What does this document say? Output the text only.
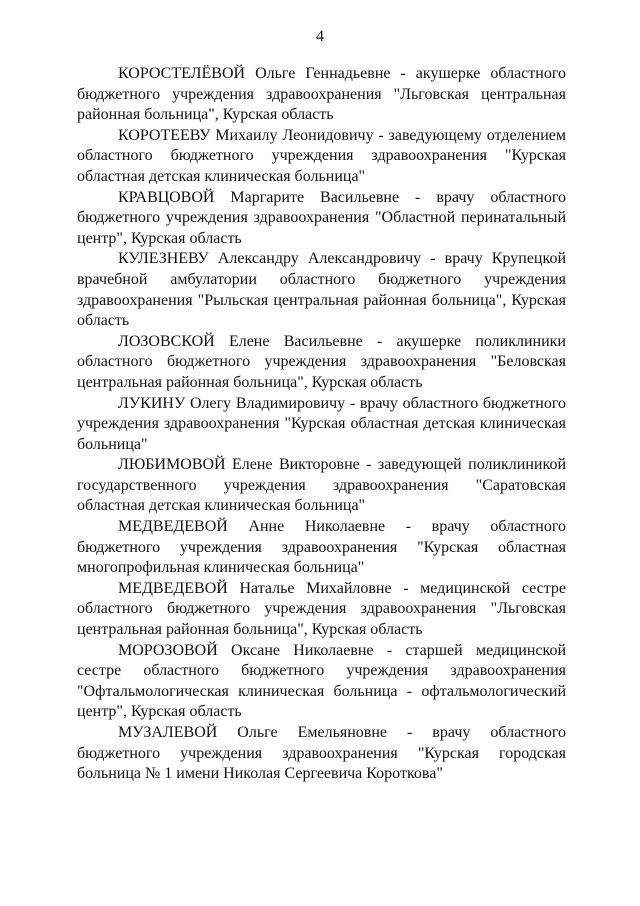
4

КОРОСТЕЛЁВОЙ Ольге Геннадьевне - акушерке областного бюджетного учреждения здравоохранения "Льговская центральная районная больница", Курская область

КОРОТЕЕВУ Михаилу Леонидовичу - заведующему отделением областного бюджетного учреждения здравоохранения "Курская областная детская клиническая больница"

КРАВЦОВОЙ Маргарите Васильевне - врачу областного бюджетного учреждения здравоохранения "Областной перинатальный центр", Курская область

КУЛЕЗНЕВУ Александру Александровичу - врачу Крупецкой врачебной амбулатории областного бюджетного учреждения здравоохранения "Рыльская центральная районная больница", Курская область

ЛОЗОВСКОЙ Елене Васильевне - акушерке поликлиники областного бюджетного учреждения здравоохранения "Беловская центральная районная больница", Курская область

ЛУКИНУ Олегу Владимировичу - врачу областного бюджетного учреждения здравоохранения "Курская областная детская клиническая больница"

ЛЮБИМОВОЙ Елене Викторовне - заведующей поликлиникой государственного учреждения здравоохранения "Саратовская областная детская клиническая больница"

МЕДВЕДЕВОЙ Анне Николаевне - врачу областного бюджетного учреждения здравоохранения "Курская областная многопрофильная клиническая больница"

МЕДВЕДЕВОЙ Наталье Михайловне - медицинской сестре областного бюджетного учреждения здравоохранения "Льговская центральная районная больница", Курская область

МОРОЗОВОЙ Оксане Николаевне - старшей медицинской сестре областного бюджетного учреждения здравоохранения "Офтальмологическая клиническая больница - офтальмологический центр", Курская область

МУЗАЛЕВОЙ Ольге Емельяновне - врачу областного бюджетного учреждения здравоохранения "Курская городская больница № 1 имени Николая Сергеевича Короткова"
